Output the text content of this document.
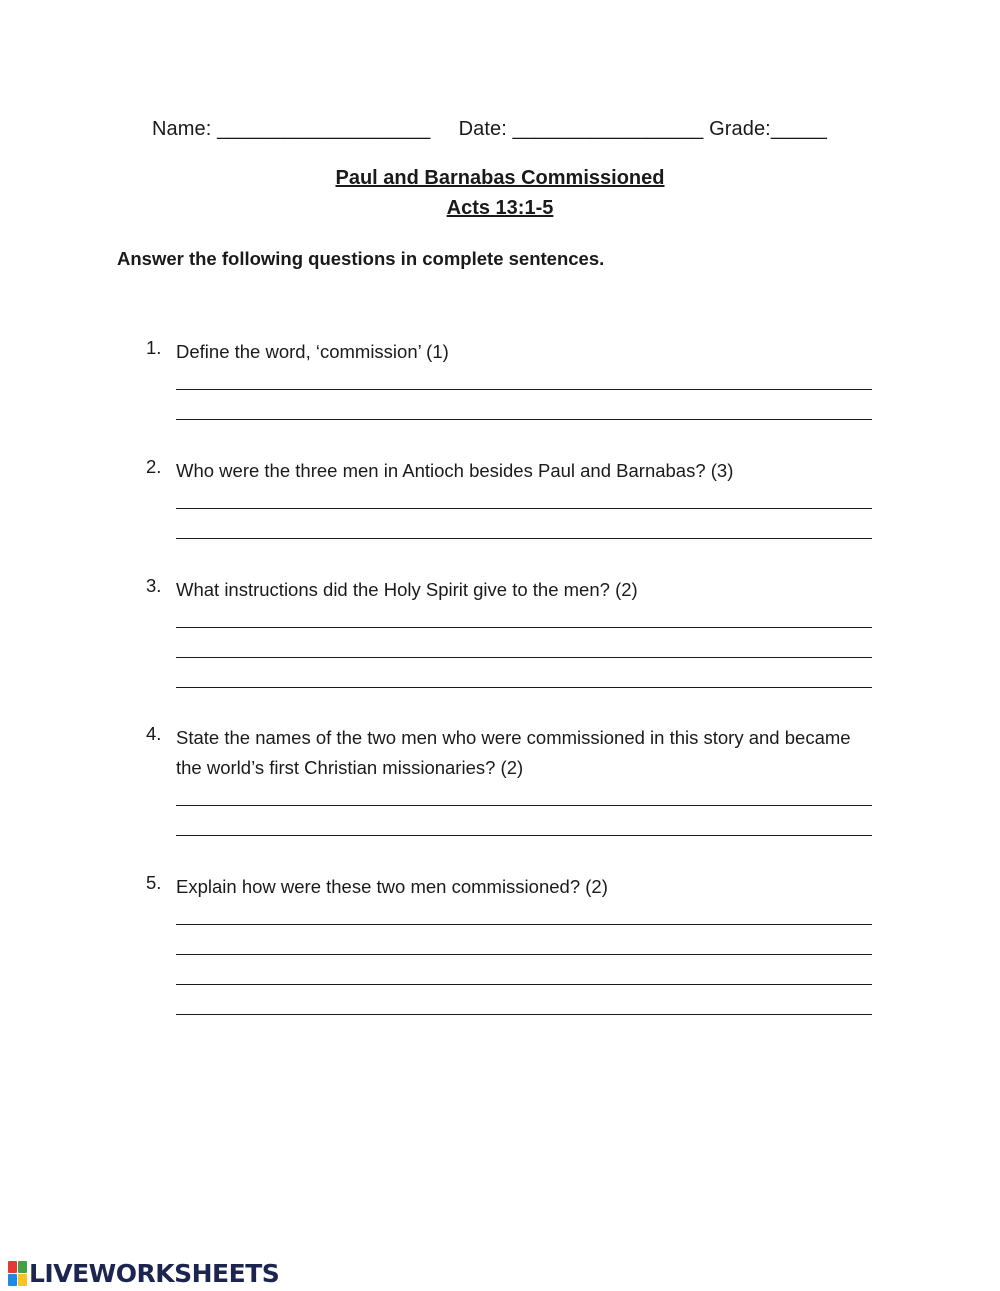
Name: ___________________ Date: _________________ Grade:_____
Paul and Barnabas Commissioned
Acts 13:1-5
Answer the following questions in complete sentences.
1. Define the word, ‘commission’ (1)
2. Who were the three men in Antioch besides Paul and Barnabas? (3)
3. What instructions did the Holy Spirit give to the men? (2)
4. State the names of the two men who were commissioned in this story and became the world’s first Christian missionaries? (2)
5. Explain how were these two men commissioned? (2)
LIVEWORKSHEETS
